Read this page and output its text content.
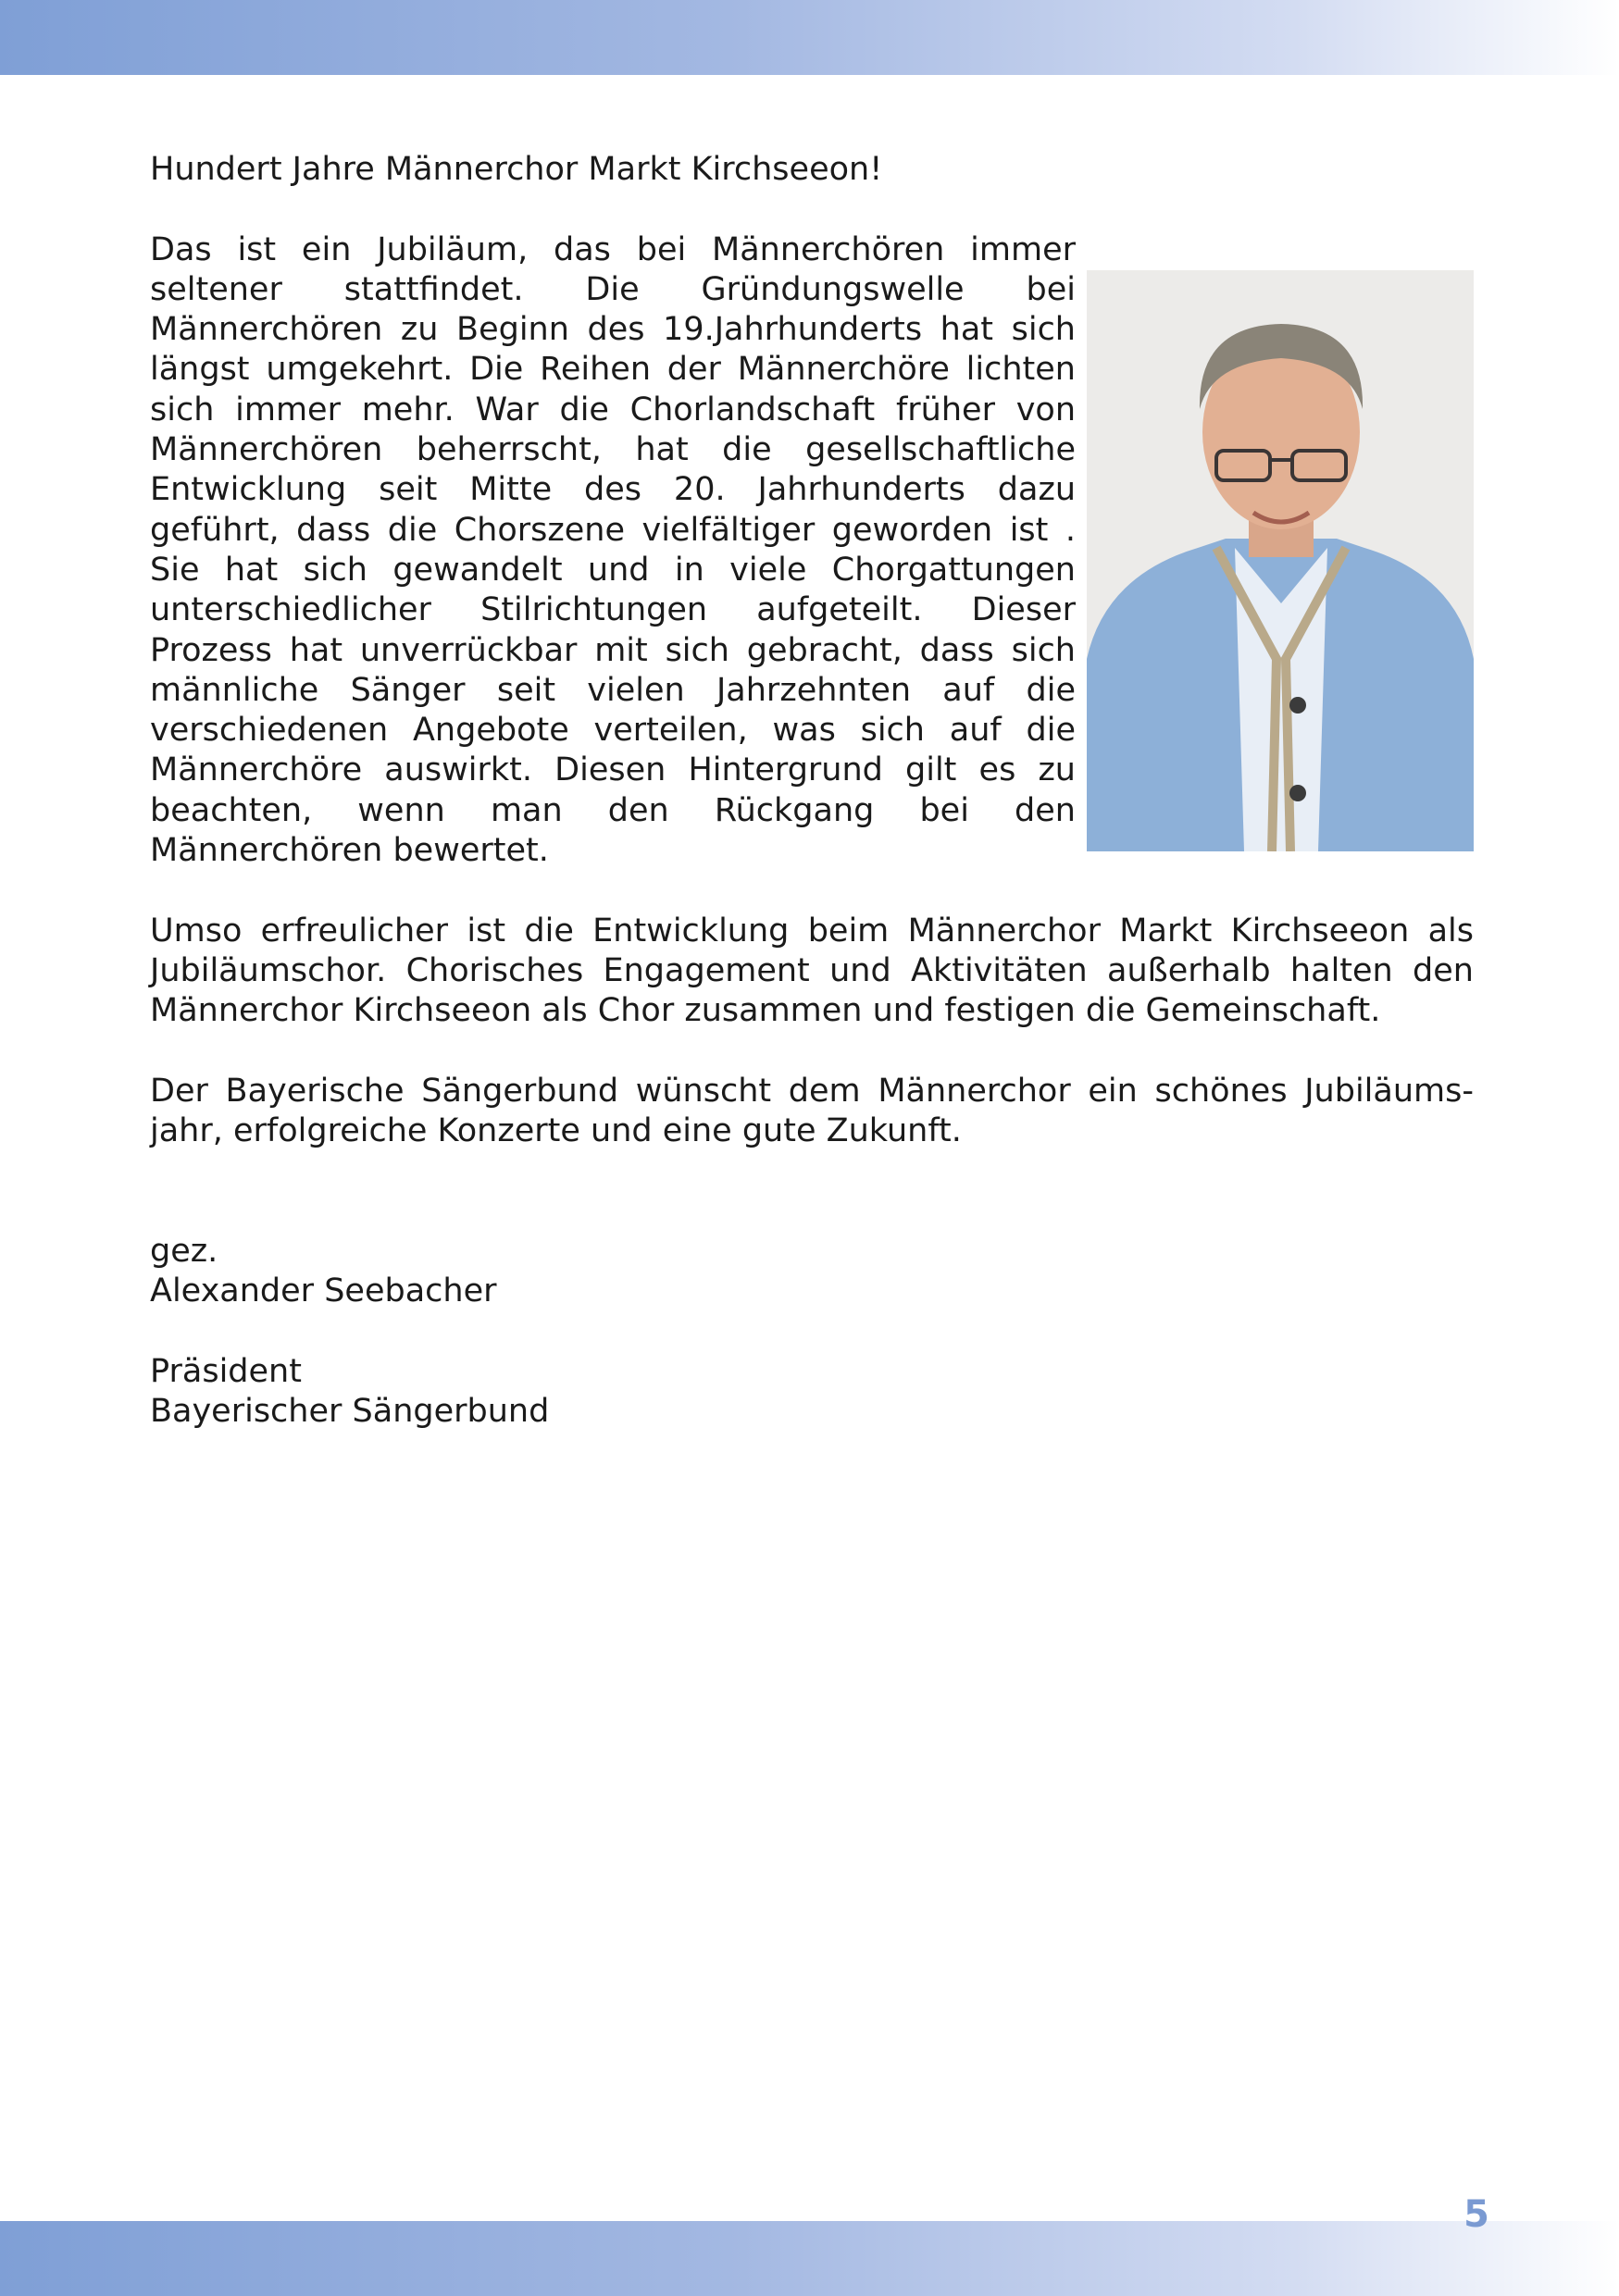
Hundert Jahre Männerchor Markt Kirchseeon!
Das ist ein Jubiläum, das bei Männerchören immer seltener stattfindet. Die Gründungswelle bei Männerchören zu Beginn des 19.Jahrhunderts hat sich längst umgekehrt. Die Reihen der Männerchöre lichten sich immer mehr. War die Chorlandschaft früher von Männerchören beherrscht, hat die gesellschaftliche Entwicklung seit Mitte des 20. Jahrhunderts dazu geführt, dass die Chorszene vielfältiger geworden ist . Sie hat sich gewandelt und in viele Chorgattungen unterschiedlicher Stilrichtungen aufgeteilt. Dieser Prozess hat unverrückbar mit sich gebracht, dass sich männliche Sänger seit vielen Jahrzehnten auf die verschiedenen Angebote verteilen, was sich auf die Männerchöre auswirkt. Diesen Hintergrund gilt es zu beachten, wenn man den Rückgang bei den Männerchören bewertet.
Umso erfreulicher ist die Entwicklung beim Männerchor Markt Kirchseeon als Jubiläumschor. Chorisches Engagement und Aktivitäten außerhalb halten den Männerchor Kirchseeon als Chor zusammen und festigen die Gemeinschaft.
Der Bayerische Sängerbund wünscht dem Männerchor ein schönes Jubiläums-jahr, erfolgreiche Konzerte und eine gute Zukunft.

gez.

Alexander Seebacher

Präsident

Bayerischer Sängerbund

5
